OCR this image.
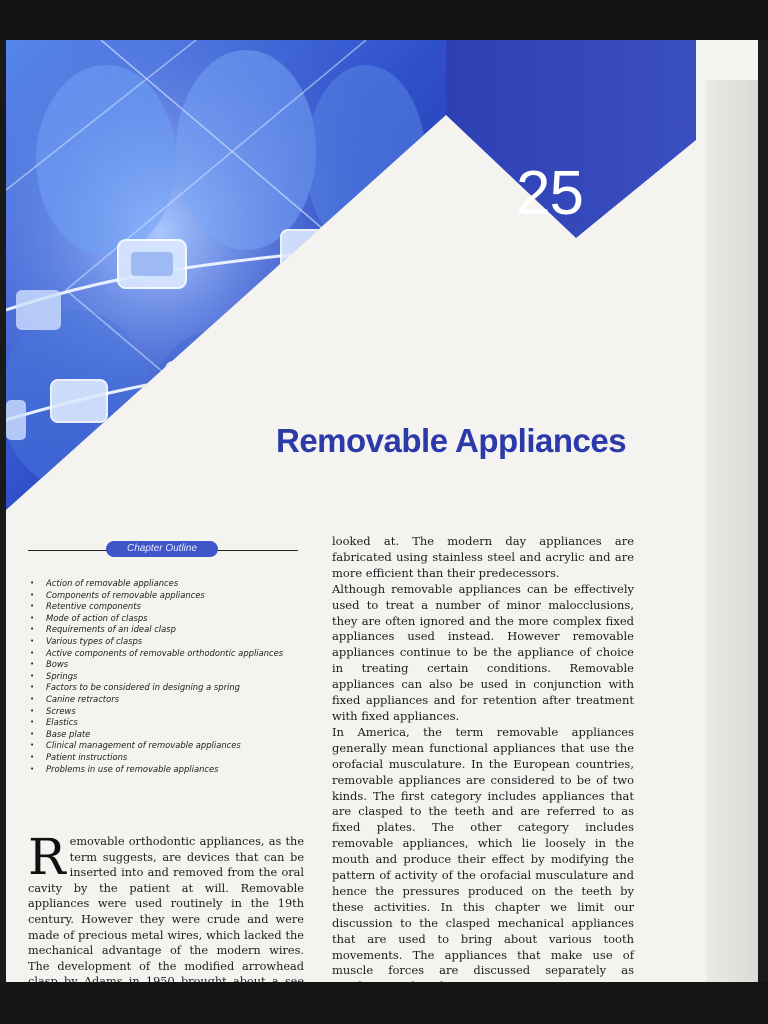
25
Removable Appliances
Chapter Outline
• Action of removable appliances
• Components of removable appliances
• Retentive components
• Mode of action of clasps
• Requirements of an ideal clasp
• Various types of clasps
• Active components of removable orthodontic appliances
• Bows
• Springs
• Factors to be considered in designing a spring
• Canine retractors
• Screws
• Elastics
• Base plate
• Clinical management of removable appliances
• Patient instructions
• Problems in use of removable appliances
Removable orthodontic appliances, as the term suggests, are devices that can be inserted into and removed from the oral cavity by the patient at will. Removable appliances were used routinely in the 19th century. However they were crude and were made of precious metal wires, which lacked the mechanical advantage of the modern wires. The development of the modified arrowhead

looked at. The modern day appliances are fabricated using stainless steel and acrylic and are more efficient than their predecessors.

Although removable appliances can be effectively used to treat a number of minor malocclusions, they are often ignored and the more complex fixed appliances used instead. However removable appliances continue to be the appliance of choice in treating certain conditions. Removable appliances can also be used in conjunction with fixed appliances and for retention after treatment with fixed appliances.

In America, the term removable appliances generally mean functional appliances that use the orofacial musculature. In the European countries, removable appliances are considered to be of two kinds. The first category includes appliances that are clasped to the teeth and are referred to as fixed plates. The other category includes removable appliances, which lie loosely in the mouth and produce their effect by modifying the pattern of activity of the orofacial musculature and hence the pressures produced on the teeth by these activities. In this chapter we limit our discussion to the clasped mechanical appliances that are used to bring about various tooth movements. The appliances that make use of muscle forces are discussed separately as
